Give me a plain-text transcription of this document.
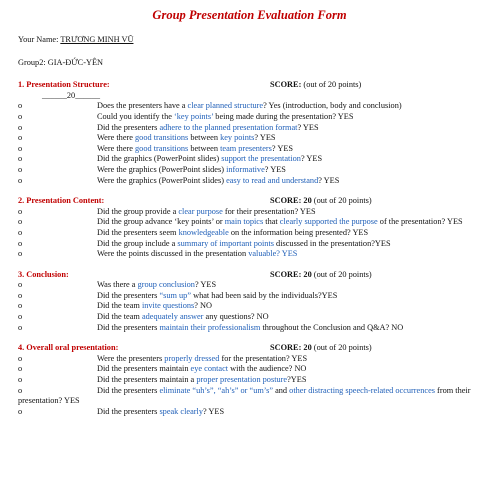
Group Presentation Evaluation Form
Your Name: TRƯƠNG MINH VŨ
Group2: GIA-ĐỨC-YÊN
1. Presentation Structure:	SCORE: (out of 20 points)
______20______
o	Does the presenters have a clear planned structure? Yes (introduction, body and conclusion)
o	Could you identify the ‘key points’ being made during the presentation? YES
o	Did the presenters adhere to the planned presentation format? YES
o	Were there good transitions between key points? YES
o	Were there good transitions between team presenters? YES
o	Did the graphics (PowerPoint slides) support the presentation? YES
o	Were the graphics (PowerPoint slides) informative? YES
o	Were the graphics (PowerPoint slides) easy to read and understand? YES
2. Presentation Content:	SCORE: 20 (out of 20 points)
o	Did the group provide a clear purpose for their presentation? YES
o	Did the group advance ‘key points’ or main topics that clearly supported the purpose of the presentation? YES
o	Did the presenters seem knowledgeable on the information being presented? YES
o	Did the group include a summary of important points discussed in the presentation?YES
o	Were the points discussed in the presentation valuable? YES
3. Conclusion:	SCORE: 20 (out of 20 points)
o	Was there a group conclusion? YES
o	Did the presenters “sum up” what had been said by the individuals?YES
o	Did the team invite questions? NO
o	Did the team adequately answer any questions? NO
o	Did the presenters maintain their professionalism throughout the Conclusion and Q&A? NO
4. Overall oral presentation:	SCORE: 20 (out of 20 points)
o	Were the presenters properly dressed for the presentation? YES
o	Did the presenters maintain eye contact with the audience? NO
o	Did the presenters maintain a proper presentation posture?YES
o	Did the presenters eliminate “uh’s”, “ah’s” or “um’s” and other distracting speech-related occurrences from their presentation? YES
o	Did the presenters speak clearly? YES
